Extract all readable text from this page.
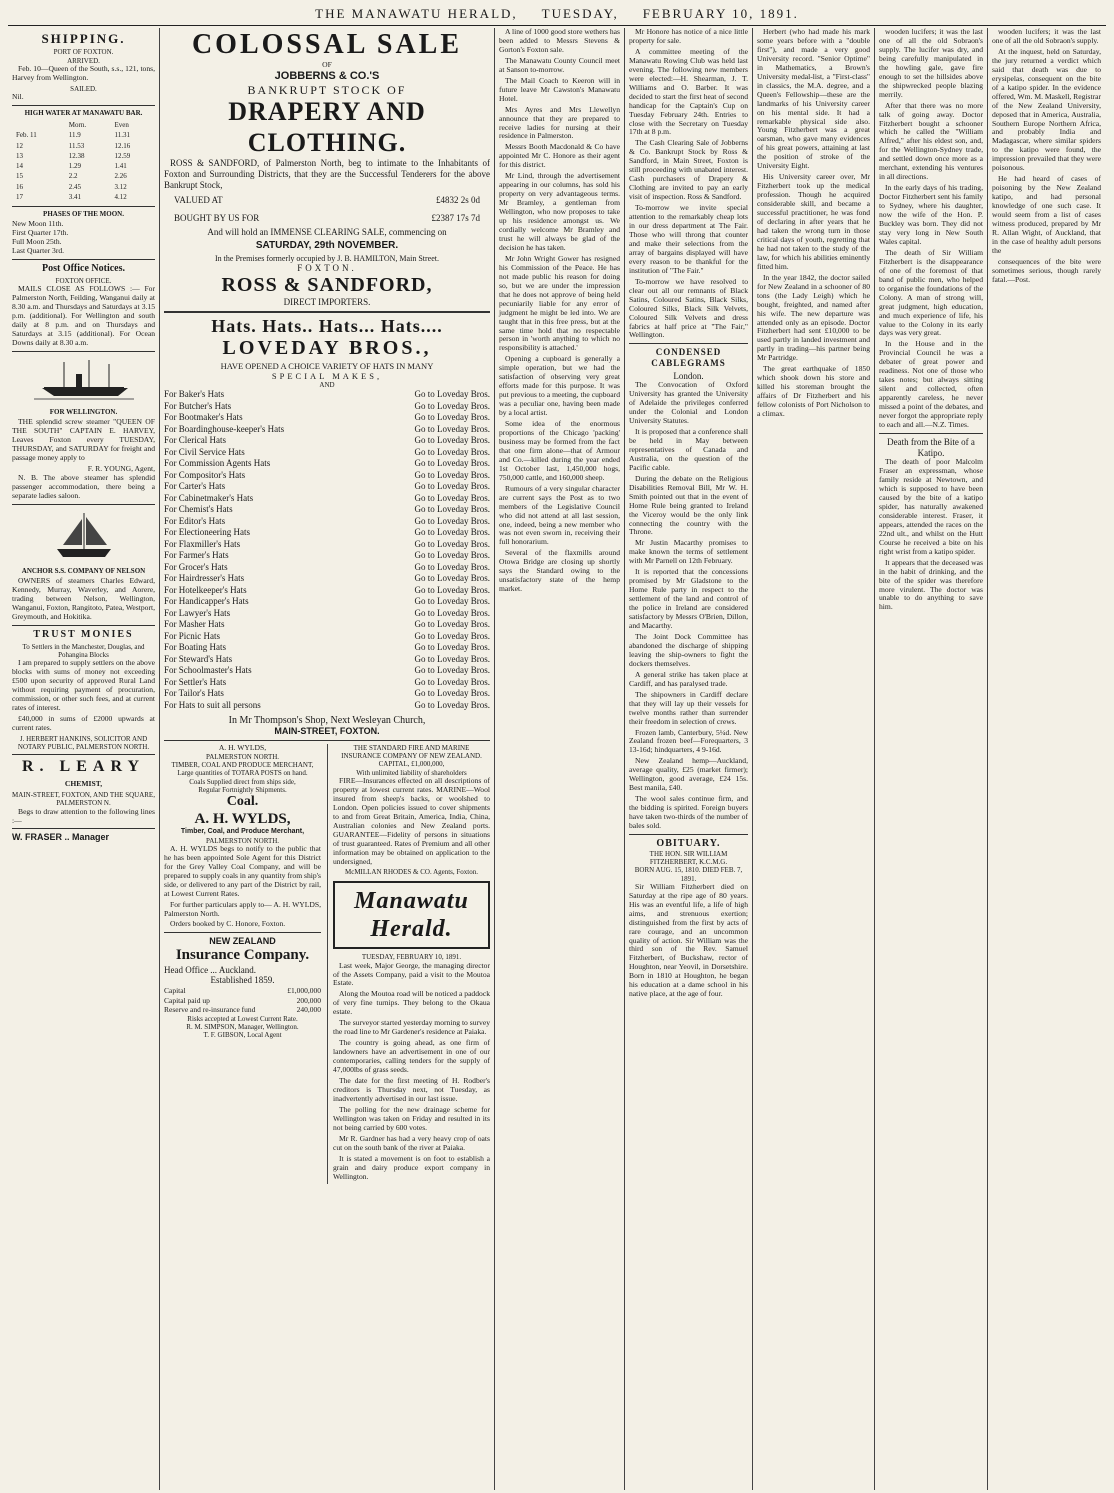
THE MANAWATU HERALD, TUESDAY, FEBRUARY 10, 1891.
SHIPPING.
PORT OF FOXTON.
ARRIVED.

Feb. 10—Queen of the South, s.s., 121, tons, Harvey from Wellington.

SAILED.
Nil.
HIGH WATER AT MANAWATU BAR.
	Morn.	Even
Feb. 11	11.9	11.31
12	11.53	12.16
13	12.38	12.59
14	1.29	1.41
15	2.2	2.26
16	2.45	3.12
17	3.41	4.12
PHASES OF THE MOON.
New Moon 11th.
First Quarter 17th.
Full Moon 25th.
Last Quarter 3rd.
Post Office Notices.
FOXTON OFFICE.

MAILS CLOSE AS FOLLOWS :— For Palmerston North, Feilding, Wanganui daily at 8.30 a.m. and Thursdays and Saturdays at 3.15 p.m. (additional). For Wellington and south daily at 8 p.m. and on Thursdays and Saturdays at 3.15 (additional). For Ocean Downs daily at 8.30 a.m.

FOR WELLINGTON.

THE splendid screw steamer "QUEEN OF THE SOUTH" CAPTAIN E. HARVEY, Leaves Foxton every TUESDAY, THURSDAY, and SATURDAY for freight and passage money apply to

F. R. YOUNG, Agent,

N. B. The above steamer has splendid passenger accommodation, there being a separate ladies saloon.

ANCHOR S.S. COMPANY OF NELSON

OWNERS of steamers Charles Edward, Kennedy, Murray, Waverley, and Aorere, trading between Nelson, Wellington, Wanganui, Foxton, Rangitoto, Patea, Westport, Greymouth, and Hokitika.

TRUST MONIES
To Settlers in the Manchester, Douglas, and Pohangina Blocks

I am prepared to supply settlers on the above blocks with sums of money not exceeding £500 upon security of approved Rural Land without requiring payment of procuration, commission, or other such fees, and at current rates of interest.

£40,000 in sums of £2000 upwards at current rates.

J. HERBERT HANKINS, SOLICITOR AND NOTARY PUBLIC, PALMERSTON NORTH.
R. LEARY
CHEMIST,
MAIN-STREET, FOXTON, AND THE SQUARE, PALMERSTON N.

Begs to draw attention to the following lines :—

W. FRASER .. Manager
COLOSSAL SALE
OF
JOBBERNS & CO.'S
BANKRUPT STOCK OF
DRAPERY AND CLOTHING.

ROSS & SANDFORD, of Palmerston North, beg to intimate to the Inhabitants of Foxton and Surrounding Districts, that they are the Successful Tenderers for the above Bankrupt Stock,

VALUED AT	£4832 2s 0d
BOUGHT BY US FOR	£2387 17s 7d
And will hold an IMMENSE CLEARING SALE, commencing on
SATURDAY, 29th NOVEMBER.
In the Premises formerly occupied by J. B. HAMILTON, Main Street.
FOXTON.
ROSS & SANDFORD,
DIRECT IMPORTERS.
Hats. Hats.. Hats... Hats....
LOVEDAY BROS.,
HAVE OPENED A CHOICE VARIETY OF HATS IN MANY
SPECIAL MAKES,
AND
For Baker's Hats	Go to Loveday Bros.
For Butcher's Hats	Go to Loveday Bros.
For Bootmaker's Hats	Go to Loveday Bros.
For Boardinghouse-keeper's Hats	Go to Loveday Bros.
For Clerical Hats	Go to Loveday Bros.
For Civil Service Hats	Go to Loveday Bros.
For Commission Agents Hats	Go to Loveday Bros.
For Compositor's Hats	Go to Loveday Bros.
For Carter's Hats	Go to Loveday Bros.
For Cabinetmaker's Hats	Go to Loveday Bros.
For Chemist's Hats	Go to Loveday Bros.
For Editor's Hats	Go to Loveday Bros.
For Electioneering Hats	Go to Loveday Bros.
For Flaxmiller's Hats	Go to Loveday Bros.
For Farmer's Hats	Go to Loveday Bros.
For Grocer's Hats	Go to Loveday Bros.
For Hairdresser's Hats	Go to Loveday Bros.
For Hotelkeeper's Hats	Go to Loveday Bros.
For Handicapper's Hats	Go to Loveday Bros.
For Lawyer's Hats	Go to Loveday Bros.
For Masher Hats	Go to Loveday Bros.
For Picnic Hats	Go to Loveday Bros.
For Boating Hats	Go to Loveday Bros.
For Steward's Hats	Go to Loveday Bros.
For Schoolmaster's Hats	Go to Loveday Bros.
For Settler's Hats	Go to Loveday Bros.
For Tailor's Hats	Go to Loveday Bros.
For Hats to suit all persons	Go to Loveday Bros.
In Mr Thompson's Shop, Next Wesleyan Church,
MAIN-STREET, FOXTON.
A. H. WYLDS,
PALMERSTON NORTH.
TIMBER, COAL AND PRODUCE MERCHANT,
Large quantities of TOTARA POSTS on hand.
Coals Supplied direct from ships side,
Regular Fortnightly Shipments.
Coal.
A. H. WYLDS,
Timber, Coal, and Produce Merchant,
PALMERSTON NORTH.

A. H. WYLDS begs to notify to the public that he has been appointed Sole Agent for this District for the Grey Valley Coal Company, and will be prepared to supply coals in any quantity from ship's side, or delivered to any part of the District by rail, at Lowest Current Rates.

For further particulars apply to— A. H. WYLDS, Palmerston North.

Orders booked by C. Honore, Foxton.

NEW ZEALAND
Insurance Company.
Head Office ... Auckland.
Established 1859.
Capital	£1,000,000
Capital paid up	200,000
Reserve and re-insurance fund	240,000
Risks accepted at Lowest Current Rate.
R. M. SIMPSON, Manager, Wellington.
T. F. GIBSON, Local Agent
THE STANDARD FIRE AND MARINE INSURANCE COMPANY OF NEW ZEALAND.
CAPITAL, £1,000,000,
With unlimited liability of shareholders

FIRE—Insurances effected on all descriptions of property at lowest current rates. MARINE—Wool insured from sheep's backs, or woolshed to London. Open policies issued to cover shipments to and from Great Britain, America, India, China, Australian colonies and New Zealand ports. GUARANTEE—Fidelity of persons in situations of trust guaranteed. Rates of Premium and all other information may be obtained on application to the undersigned,

McMILLAN RHODES & CO. Agents, Foxton.
Manawatu Herald.
TUESDAY, FEBRUARY 10, 1891.

Last week, Major George, the managing director of the Assets Company, paid a visit to the Moutoa Estate.

Along the Moutoa road will be noticed a paddock of very fine turnips. They belong to the Okaua estate.

The surveyor started yesterday morning to survey the road line to Mr Gardener's residence at Paiaka.

The country is going ahead, as one firm of landowners have an advertisement in one of our contemporaries, calling tenders for the supply of 47,000lbs of grass seeds.

The date for the first meeting of H. Rodber's creditors is Thursday next, not Tuesday, as inadvertently advertised in our last issue.

The polling for the new drainage scheme for Wellington was taken on Friday and resulted in its not being carried by 600 votes.

Mr R. Gardner has had a very heavy crop of oats cut on the south bank of the river at Paiaka.

It is stated a movement is on foot to establish a grain and dairy produce export company in Wellington.

A line of 1000 good store wethers has been added to Messrs Stevens & Gorton's Foxton sale.

The Manawatu County Council meet at Sanson to-morrow.

The Mail Coach to Keeron will in future leave Mr Cawston's Manawatu Hotel.

Mrs Ayres and Mrs Llewellyn announce that they are prepared to receive ladies for nursing at their residence in Palmerston.

Messrs Booth Macdonald & Co have appointed Mr C. Honore as their agent for this district.

Mr Lind, through the advertisement appearing in our columns, has sold his property on very advantageous terms. Mr Bramley, a gentleman from Wellington, who now proposes to take up his residence amongst us. We cordially welcome Mr Bramley and trust he will always be glad of the decision he has taken.

Mr John Wright Gower has resigned his Commission of the Peace. He has not made public his reason for doing so, but we are under the impression that he does not approve of being held pecuniarily liable for any error of judgment he might be led into. We are taught that in this free press, but at the same time hold that no respectable person in 'worth anything to which no responsibility is attached.'

Opening a cupboard is generally a simple operation, but we had the satisfaction of observing very great efforts made for this purpose. It was put previous to a meeting, the cupboard was a peculiar one, having been made by a local artist.

Some idea of the enormous proportions of the Chicago 'packing' business may be formed from the fact that one firm alone—that of Armour and Co.—killed during the year ended 1st October last, 1,450,000 hogs, 750,000 cattle, and 160,000 sheep.

Rumours of a very singular character are current says the Post as to two members of the Legislative Council who did not attend at all last session, one, indeed, being a new member who was not even sworn in, receiving their full honorarium.

Several of the flaxmills around Otowa Bridge are closing up shortly says the Standard owing to the unsatisfactory state of the hemp market.

Mr Honore has notice of a nice little property for sale.

A committee meeting of the Manawatu Rowing Club was held last evening. The following new members were elected:—H. Shearman, J. T. Williams and O. Barber. It was decided to start the first heat of second handicap for the Captain's Cup on Tuesday February 24th. Entries to close with the Secretary on Tuesday 17th at 8 p.m.

The Cash Clearing Sale of Jobberns & Co. Bankrupt Stock by Ross & Sandford, in Main Street, Foxton is still proceeding with unabated interest. Cash purchasers of Drapery & Clothing are invited to pay an early visit of inspection. Ross & Sandford.

To-morrow we invite special attention to the remarkably cheap lots in our dress department at The Fair. Those who will throng that counter and make their selections from the array of bargains displayed will have every reason to be thankful for the institution of "The Fair."

To-morrow we have resolved to clear out all our remnants of Black Satins, Coloured Satins, Black Silks, Coloured Silks, Black Silk Velvets, Coloured Silk Velvets and dress fabrics at half price at "The Fair," Wellington.

CONDENSED CABLEGRAMS
London.

The Convocation of Oxford University has granted the University of Adelaide the privileges conferred under the Colonial and London University Statutes.

It is proposed that a conference shall be held in May between representatives of Canada and Australia, on the question of the Pacific cable.

During the debate on the Religious Disabilities Removal Bill, Mr W. H. Smith pointed out that in the event of Home Rule being granted to Ireland the Viceroy would be the only link connecting the country with the Throne.

Mr Justin Macarthy promises to make known the terms of settlement with Mr Parnell on 12th February.

It is reported that the concessions promised by Mr Gladstone to the Home Rule party in respect to the settlement of the land and control of the police in Ireland are considered satisfactory by Messrs O'Brien, Dillon, and Macarthy.

The Joint Dock Committee has abandoned the discharge of shipping leaving the ship-owners to fight the dockers themselves.

A general strike has taken place at Cardiff, and has paralysed trade.

The shipowners in Cardiff declare that they will lay up their vessels for twelve months rather than surrender their freedom in selection of crews.

Frozen lamb, Canterbury, 5¼d. New Zealand frozen beef—Forequarters, 3 13-16d; hindquarters, 4 9-16d.

New Zealand hemp—Auckland, average quality, £25 (market firmer); Wellington, good average, £24 15s. Best manila, £40.

The wool sales continue firm, and the bidding is spirited. Foreign buyers have taken two-thirds of the number of bales sold.

OBITUARY.
THE HON. SIR WILLIAM FITZHERBERT, K.C.M.G.
BORN AUG. 15, 1810. DIED FEB. 7, 1891.

Sir William Fitzherbert died on Saturday at the ripe age of 80 years. His was an eventful life, a life of high aims, and strenuous exertion; distinguished from the first by acts of rare courage, and an uncommon quality of action. Sir William was the third son of the Rev. Samuel Fitzherbert, of Buckshaw, rector of Houghton, near Yeovil, in Dorsetshire. Born in 1810 at Houghton, he began his education at a dame school in his native place, at the age of four.

Herbert (who had made his mark some years before with a "double first"), and made a very good University record. "Senior Optime" in Mathematics, a Brown's University medal-list, a "First-class" in classics, the M.A. degree, and a Queen's Fellowship—these are the landmarks of his University career on his mental side. It had a remarkable physical side also. Young Fitzherbert was a great oarsman, who gave many evidences of his great powers, attaining at last the position of stroke of the University Eight.

His University career over, Mr Fitzherbert took up the medical profession. Though he acquired considerable skill, and became a successful practitioner, he was fond of declaring in after years that he had taken the wrong turn in those critical days of youth, regretting that he had not taken to the study of the law, for which his abilities eminently fitted him.

In the year 1842, the doctor sailed for New Zealand in a schooner of 80 tons (the Lady Leigh) which he bought, freighted, and named after his wife. The new departure was attended only as an episode. Doctor Fitzherbert had sent £10,000 to be used partly in landed investment and partly in trading—his partner being Mr Partridge.

The great earthquake of 1850 which shook down his store and killed his storeman brought the affairs of Dr Fitzherbert and his fellow colonists of Port Nicholson to a climax.

wooden lucifers; it was the last one of all the old Sobraon's supply. The lucifer was dry, and being carefully manipulated in the howling gale, gave fire enough to set the hillsides above the shipwrecked people blazing merrily.

After that there was no more talk of going away. Doctor Fitzherbert bought a schooner which he called the "William Alfred," after his eldest son, and, for the Wellington-Sydney trade, and settled down once more as a merchant, extending his ventures in all directions.

In the early days of his trading, Doctor Fitzherbert sent his family to Sydney, where his daughter, now the wife of the Hon. P. Buckley was born. They did not stay very long in New South Wales capital.

The death of Sir William Fitzherbert is the disappearance of one of the foremost of that band of public men, who helped to organise the foundations of the Colony. A man of strong will, great judgment, high education, and much experience of life, his value to the Colony in its early days was very great.

In the House and in the Provincial Council he was a debater of great power and readiness. Not one of those who takes notes; but always sitting silent and collected, often apparently careless, he never missed a point of the debates, and never forgot the appropriate reply to each and all.—N.Z. Times.

Death from the Bite of a Katipo.

The death of poor Malcolm Fraser an expressman, whose family reside at Newtown, and which is supposed to have been caused by the bite of a katipo spider, has naturally awakened considerable interest. Fraser, it appears, attended the races on the 22nd ult., and whilst on the Hutt Course he received a bite on his right wrist from a katipo spider.

It appears that the deceased was in the habit of drinking, and the bite of the spider was therefore more virulent. The doctor was unable to do anything to save him.

wooden lucifers; it was the last one of all the old Sobraon's supply.

At the inquest, held on Saturday, the jury returned a verdict which said that death was due to erysipelas, consequent on the bite of a katipo spider. In the evidence offered, Wm. M. Maskell, Registrar of the New Zealand University, deposed that in America, Australia, Southern Europe Northern Africa, and probably India and Madagascar, where similar spiders to the katipo were found, the impression prevailed that they were poisonous.

He had heard of cases of poisoning by the New Zealand katipo, and had personal knowledge of one such case. It would seem from a list of cases witness produced, prepared by Mr R. Allan Wight, of Auckland, that in the case of healthy adult persons the

consequences of the bite were sometimes serious, though rarely fatal.—Post.
